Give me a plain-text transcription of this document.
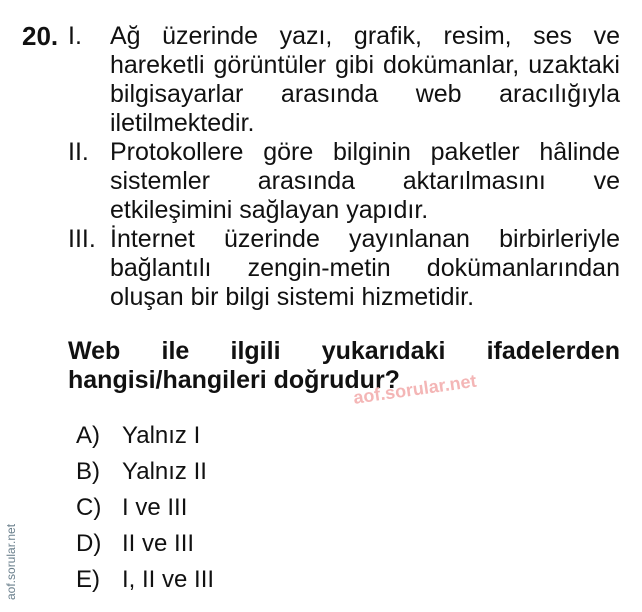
20. I.	Ağ üzerinde yazı, grafik, resim, ses ve hareketli görüntüler gibi dokümanlar, uzaktaki bilgisayarlar arasında web aracılığıyla iletilmektedir.
II. Protokollere göre bilginin paketler hâlinde sistemler arasında aktarılmasını ve etkileşimini sağlayan yapıdır.
III. İnternet üzerinde yayınlanan birbirleriyle bağlantılı zengin-metin dokümanlarından oluşan bir bilgi sistemi hizmetidir.
Web ile ilgili yukarıdaki ifadelerden hangisi/hangileri doğrudur?
A) Yalnız I
B) Yalnız II
C) I ve III
D) II ve III
E) I, II ve III
aof.sorular.net
aof.sorular.net
